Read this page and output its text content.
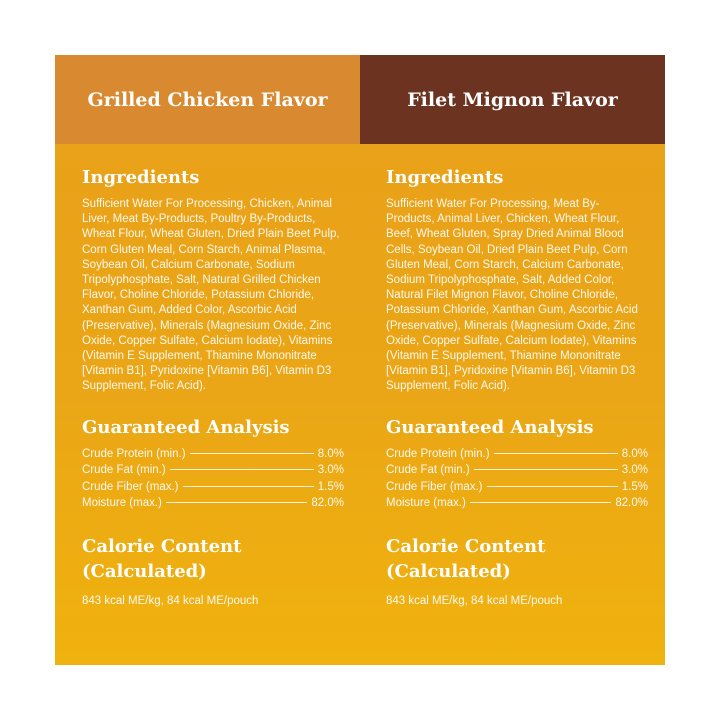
Grilled Chicken Flavor	Filet Mignon Flavor
Ingredients
Sufficient Water For Processing, Chicken, Animal Liver, Meat By-Products, Poultry By-Products, Wheat Flour, Wheat Gluten, Dried Plain Beet Pulp, Corn Gluten Meal, Corn Starch, Animal Plasma, Soybean Oil, Calcium Carbonate, Sodium Tripolyphosphate, Salt, Natural Grilled Chicken Flavor, Choline Chloride, Potassium Chloride, Xanthan Gum, Added Color, Ascorbic Acid (Preservative), Minerals (Magnesium Oxide, Zinc Oxide, Copper Sulfate, Calcium Iodate), Vitamins (Vitamin E Supplement, Thiamine Mononitrate [Vitamin B1], Pyridoxine [Vitamin B6], Vitamin D3 Supplement, Folic Acid).
Guaranteed Analysis
Crude Protein (min.)	8.0%
Crude Fat (min.)	3.0%
Crude Fiber (max.)	1.5%
Moisture (max.)	82.0%
Calorie Content
(Calculated)
843 kcal ME/kg, 84 kcal ME/pouch
Ingredients
Sufficient Water For Processing, Meat By-Products, Animal Liver, Chicken, Wheat Flour, Beef, Wheat Gluten, Spray Dried Animal Blood Cells, Soybean Oil, Dried Plain Beet Pulp, Corn Gluten Meal, Corn Starch, Calcium Carbonate, Sodium Tripolyphosphate, Salt, Added Color, Natural Filet Mignon Flavor, Choline Chloride, Potassium Chloride, Xanthan Gum, Ascorbic Acid (Preservative), Minerals (Magnesium Oxide, Zinc Oxide, Copper Sulfate, Calcium Iodate), Vitamins (Vitamin E Supplement, Thiamine Mononitrate [Vitamin B1], Pyridoxine [Vitamin B6], Vitamin D3 Supplement, Folic Acid).
Guaranteed Analysis
Crude Protein (min.)	8.0%
Crude Fat (min.)	3.0%
Crude Fiber (max.)	1.5%
Moisture (max.)	82.0%
Calorie Content
(Calculated)
843 kcal ME/kg, 84 kcal ME/pouch
